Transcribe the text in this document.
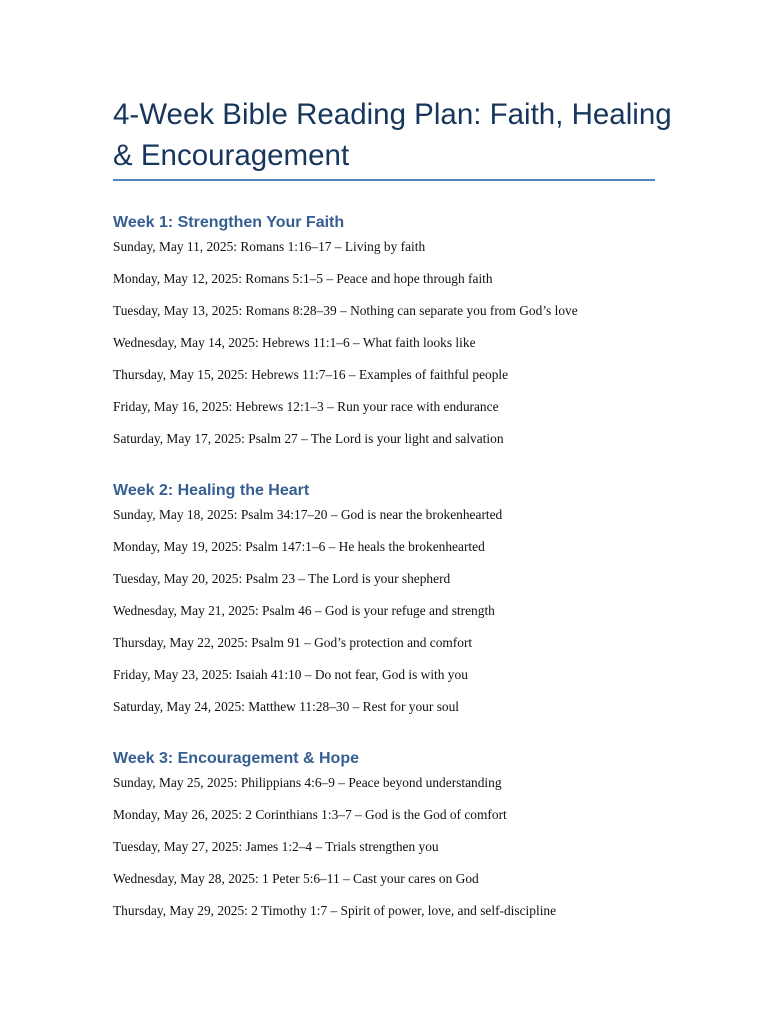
4-Week Bible Reading Plan: Faith, Healing & Encouragement
Week 1: Strengthen Your Faith

Sunday, May 11, 2025: Romans 1:16–17 – Living by faith

Monday, May 12, 2025: Romans 5:1–5 – Peace and hope through faith

Tuesday, May 13, 2025: Romans 8:28–39 – Nothing can separate you from God’s love

Wednesday, May 14, 2025: Hebrews 11:1–6 – What faith looks like

Thursday, May 15, 2025: Hebrews 11:7–16 – Examples of faithful people

Friday, May 16, 2025: Hebrews 12:1–3 – Run your race with endurance

Saturday, May 17, 2025: Psalm 27 – The Lord is your light and salvation

Week 2: Healing the Heart

Sunday, May 18, 2025: Psalm 34:17–20 – God is near the brokenhearted

Monday, May 19, 2025: Psalm 147:1–6 – He heals the brokenhearted

Tuesday, May 20, 2025: Psalm 23 – The Lord is your shepherd

Wednesday, May 21, 2025: Psalm 46 – God is your refuge and strength

Thursday, May 22, 2025: Psalm 91 – God’s protection and comfort

Friday, May 23, 2025: Isaiah 41:10 – Do not fear, God is with you

Saturday, May 24, 2025: Matthew 11:28–30 – Rest for your soul

Week 3: Encouragement & Hope

Sunday, May 25, 2025: Philippians 4:6–9 – Peace beyond understanding

Monday, May 26, 2025: 2 Corinthians 1:3–7 – God is the God of comfort

Tuesday, May 27, 2025: James 1:2–4 – Trials strengthen you

Wednesday, May 28, 2025: 1 Peter 5:6–11 – Cast your cares on God

Thursday, May 29, 2025: 2 Timothy 1:7 – Spirit of power, love, and self-discipline
